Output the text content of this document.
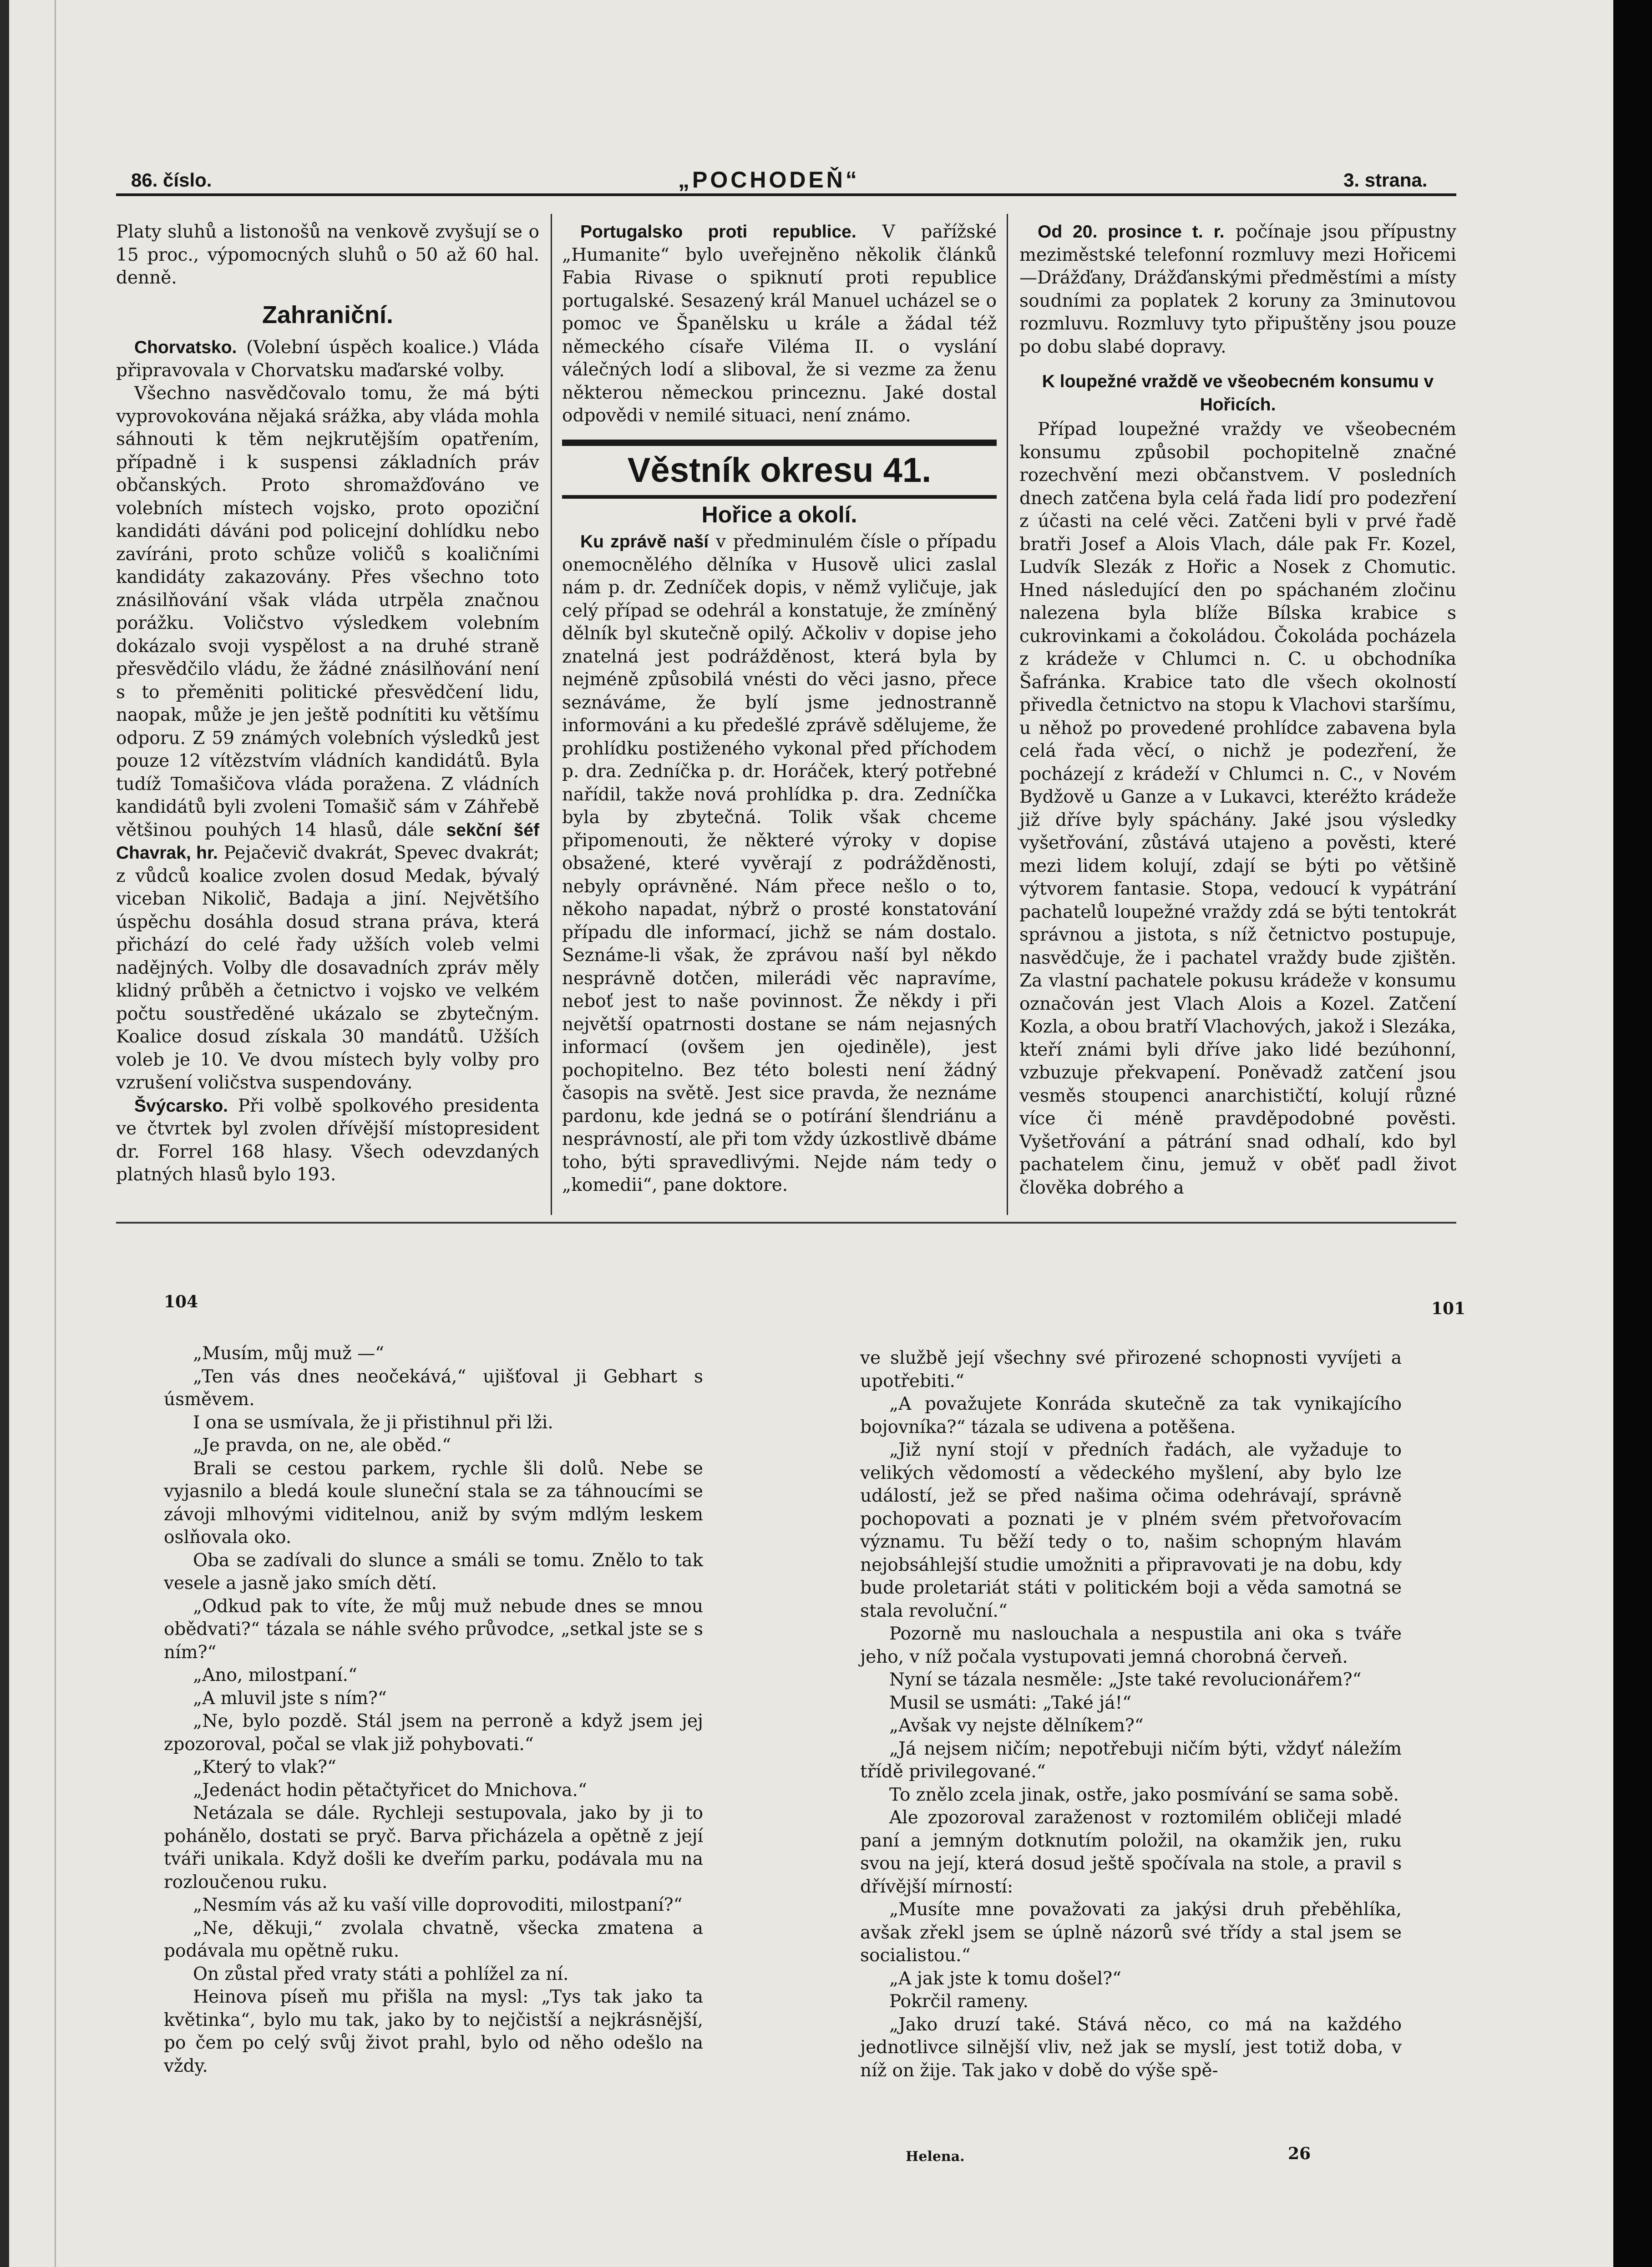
86. číslo.	„POCHODEŇ“	3. strana.

Platy sluhů a listonošů na venkově zvyšují se o 15 proc., výpomocných sluhů o 50 až 60 hal. denně.

Zahraniční.

Chorvatsko. (Volební úspěch koalice.) Vláda připravovala v Chorvatsku maďarské volby.

Všechno nasvědčovalo tomu, že má býti vyprovokována nějaká srážka, aby vláda mohla sáhnouti k těm nejkrutějším opatřením, případně i k suspensi základních práv občanských. Proto shromažďováno ve volebních místech vojsko, proto opoziční kandidáti dáváni pod policejní dohlídku nebo zavíráni, proto schůze voličů s koaličními kandidáty zakazovány. Přes všechno toto znásilňování však vláda utrpěla značnou porážku. Voličstvo výsledkem volebním dokázalo svoji vyspělost a na druhé straně přesvědčilo vládu, že žádné znásilňování není s to přeměniti politické přesvědčení lidu, naopak, může je jen ještě podnítiti ku většímu odporu. Z 59 známých volebních výsledků jest pouze 12 vítězstvím vládních kandidátů. Byla tudíž Tomašičova vláda poražena. Z vládních kandidátů byli zvoleni Tomašič sám v Záhřebě většinou pouhých 14 hlasů, dále sekční šéf Chavrak, hr. Pejačevič dvakrát, Spevec dvakrát; z vůdců koalice zvolen dosud Medak, bývalý viceban Nikolič, Badaja a jiní. Největšího úspěchu dosáhla dosud strana práva, která přichází do celé řady užších voleb velmi nadějných. Volby dle dosavadních zpráv mělу klidný průběh a četnictvo i vojsko ve velkém počtu soustředěné ukázalo se zbytečným. Koalice dosud získala 30 mandátů. Užších voleb je 10. Ve dvou místech byly volby pro vzrušení voličstva suspendovány.

Švýcarsko. Při volbě spolkového presidenta ve čtvrtek byl zvolen dřívější místopresident dr. Forrel 168 hlasy. Všech odevzdaných platných hlasů bylo 193.

Portugalsko proti republice. V pařížské „Humanite“ bylo uveřejněno několik článků Fabia Rivase o spiknutí proti republice portugalské. Sesazený král Manuel ucházel se o pomoc ve Španělsku u krále a žádal též německého císaře Viléma II. o vyslání válečných lodí a sliboval, že si vezme za ženu některou německou princeznu. Jaké dostal odpovědi v nemilé situaci, není známo.

Věstník okresu 41.
Hořice a okolí.

Ku zprávě naší v předminulém čísle o případu onemocnělého dělníka v Husově ulici zaslal nám p. dr. Zedníček dopis, v němž vyličuje, jak celý případ se odehrál a konstatuje, že zmíněný dělník byl skutečně opilý. Ačkoliv v dopise jeho znatelná jest podrážděnost, která byla by nejméně způsobilá vnésti do věci jasno, přece seznáváme, že bylí jsme jednostranně informováni a ku předešlé zprávě sdělujeme, že prohlídku postiženého vykonal před příchodem p. dra. Zedníčka p. dr. Horáček, který potřebné nařídil, takže nová prohlídka p. dra. Zedníčka byla by zbytečná. Tolik však chceme připomenouti, že některé výroky v dopise obsažené, které vyvěrají z podrážděnosti, nebyly oprávněné. Nám přece nešlo o to, někoho napadat, nýbrž o prosté konstatování případu dle informací, jichž se nám dostalo. Seznáme-li však, že zprávou naší byl někdo nesprávně dotčen, milerádi věc napravíme, neboť jest to naše povinnost. Že někdy i při největší opatrnosti dostane se nám nejasných informací (ovšem jen ojediněle), jest pochopitelno. Bez této bolesti není žádný časopis na světě. Jest sice pravda, že neznáme pardonu, kde jedná se o potírání šlendriánu a nesprávností, ale při tom vždy úzkostlivě dbáme toho, býti spravedlivými. Nejde nám tedy o „komedii“, pane doktore.

Od 20. prosince t. r. počínaje jsou přípustny meziměstské telefonní rozmluvy mezi Hořicemi —Drážďany, Drážďanskými předměstími a místy soudními za poplatek 2 koruny za 3minutovou rozmluvu. Rozmluvy tyto připuštěny jsou pouze po dobu slabé dopravy.

K loupežné vraždě ve všeobecném konsumu v Hořicích.

Případ loupežné vraždy ve všeobecném konsumu způsobil pochopitelně značné rozechvění mezi občanstvem. V posledních dnech zatčena byla celá řada lidí pro podezření z účasti na celé věci. Zatčeni byli v prvé řadě bratři Josef a Alois Vlach, dále pak Fr. Kozel, Ludvík Slezák z Hořic a Nosek z Chomutic. Hned následující den po spáchaném zločinu nalezena byla blíže Bílska krabice s cukrovinkami a čokoládou. Čokoláda pocházela z krádeže v Chlumci n. C. u obchodníka Šafránka. Krabice tato dle všech okolností přivedla četnictvo na stopu k Vlachovi staršímu, u něhož po provedené prohlídce zabavena byla celá řada věcí, o nichž je podezření, že pocházejí z krádeží v Chlumci n. C., v Novém Bydžově u Ganze a v Lukavci, kteréžto krádeže již dříve byly spáchány. Jaké jsou výsledky vyšetřování, zůstává utajeno a pověsti, které mezi lidem kolují, zdají se býti po většině výtvorem fantasie. Stopa, vedoucí k vypátrání pachatelů loupežné vraždy zdá se býti tentokrát správnou a jistota, s níž četnictvo postupuje, nasvědčuje, že i pachatel vraždy bude zjištěn. Za vlastní pachatele pokusu krádeže v konsumu označován jest Vlach Alois a Kozel. Zatčení Kozla, a obou bratří Vlachových, jakož i Slezáka, kteří známi byli dříve jako lidé bezúhonní, vzbuzuje překvapení. Poněvadž zatčení jsou vesměs stoupenci anarchističtí, kolují různé více či méně pravděpodobné pověsti. Vyšetřování a pátrání snad odhalí, kdo byl pachatelem činu, jemuž v oběť padl život člověka dobrého a

104	101

„Musím, můj muž —“

„Ten vás dnes neočekává,“ ujišťoval ji Gebhart s úsměvem.

I ona se usmívala, že ji přistihnul při lži.

„Je pravda, on ne, ale oběd.“

Brali se cestou parkem, rychle šli dolů. Nebe se vyjasnilo a bledá koule sluneční stala se za táhnoucími se závoji mlhovými viditelnou, aniž by svým mdlým leskem oslňovala oko.

Oba se zadívali do slunce a smáli se tomu. Znělo to tak vesele a jasně jako smích dětí.

„Odkud pak to víte, že můj muž nebude dnes se mnou obědvati?“ tázala se náhle svého průvodce, „setkal jste se s ním?“

„Ano, milostpaní.“

„A mluvil jste s ním?“

„Ne, bylo pozdě. Stál jsem na perroně a když jsem jej zpozoroval, počal se vlak již pohybovati.“

„Který to vlak?“

„Jedenáct hodin pětačtyřicet do Mnichova.“

Netázala se dále. Rychleji sestupovala, jako by ji to pohánělo, dostati se pryč. Barva přicházela a opětně z její tváři unikala. Když došli ke dveřím parku, podávala mu na rozloučenou ruku.

„Nesmím vás až ku vaší ville doprovoditi, milostpaní?“

„Ne, děkuji,“ zvolala chvatně, všecka zmatena a podávala mu opětně ruku.

On zůstal před vraty státi a pohlížel za ní.

Heinova píseň mu přišla na mysl: „Tys tak jako ta květinka“, bylo mu tak, jako by to nejčistší a nejkrásnější, po čem po celý svůj život prahl, bylo od něho odešlo na vždy.

ve službě její všechny své přirozené schopnosti vyvíjeti a upotřebiti.“

„A považujete Konráda skutečně za tak vynikajícího bojovníka?“ tázala se udivena a potěšena.

„Již nyní stojí v předních řadách, ale vyžaduje to velikých vědomostí a vědeckého myšlení, aby bylo lze událostí, jež se před našima očima odehrávají, správně pochopovati a poznati je v plném svém přetvořovacím významu. Tu běží tedy o to, našim schopným hlavám nejobsáhlejší studie umožniti a připravovati je na dobu, kdy bude proletariát státi v politickém boji a věda samotná se stala revoluční.“

Pozorně mu naslouchala a nespustila ani oka s tváře jeho, v níž počala vystupovati jemná chorobná červeň.

Nyní se tázala nesměle: „Jste také revolucionářem?“

Musil se usmáti: „Také já!“

„Avšak vy nejste dělníkem?“

„Já nejsem ničím; nepotřebuji ničím býti, vždyť náležím třídě privilegované.“

To znělo zcela jinak, ostře, jako posmívání se sama sobě.

Ale zpozoroval zaraženost v roztomilém obličeji mladé paní a jemným dotknutím položil, na okamžik jen, ruku svou na její, která dosud ještě spočívala na stole, a pravil s dřívější mírností:

„Musíte mne považovati za jakýsi druh přeběhlíka, avšak zřekl jsem se úplně názorů své třídy a stal jsem se socialistou.“

„A jak jste k tomu došel?“

Pokrčil rameny.

„Jako druzí také. Stává něco, co má na každého jednotlivce silnější vliv, než jak se myslí, jest totiž doba, v níž on žije. Tak jako v době do výše spě-

Helena.	26
